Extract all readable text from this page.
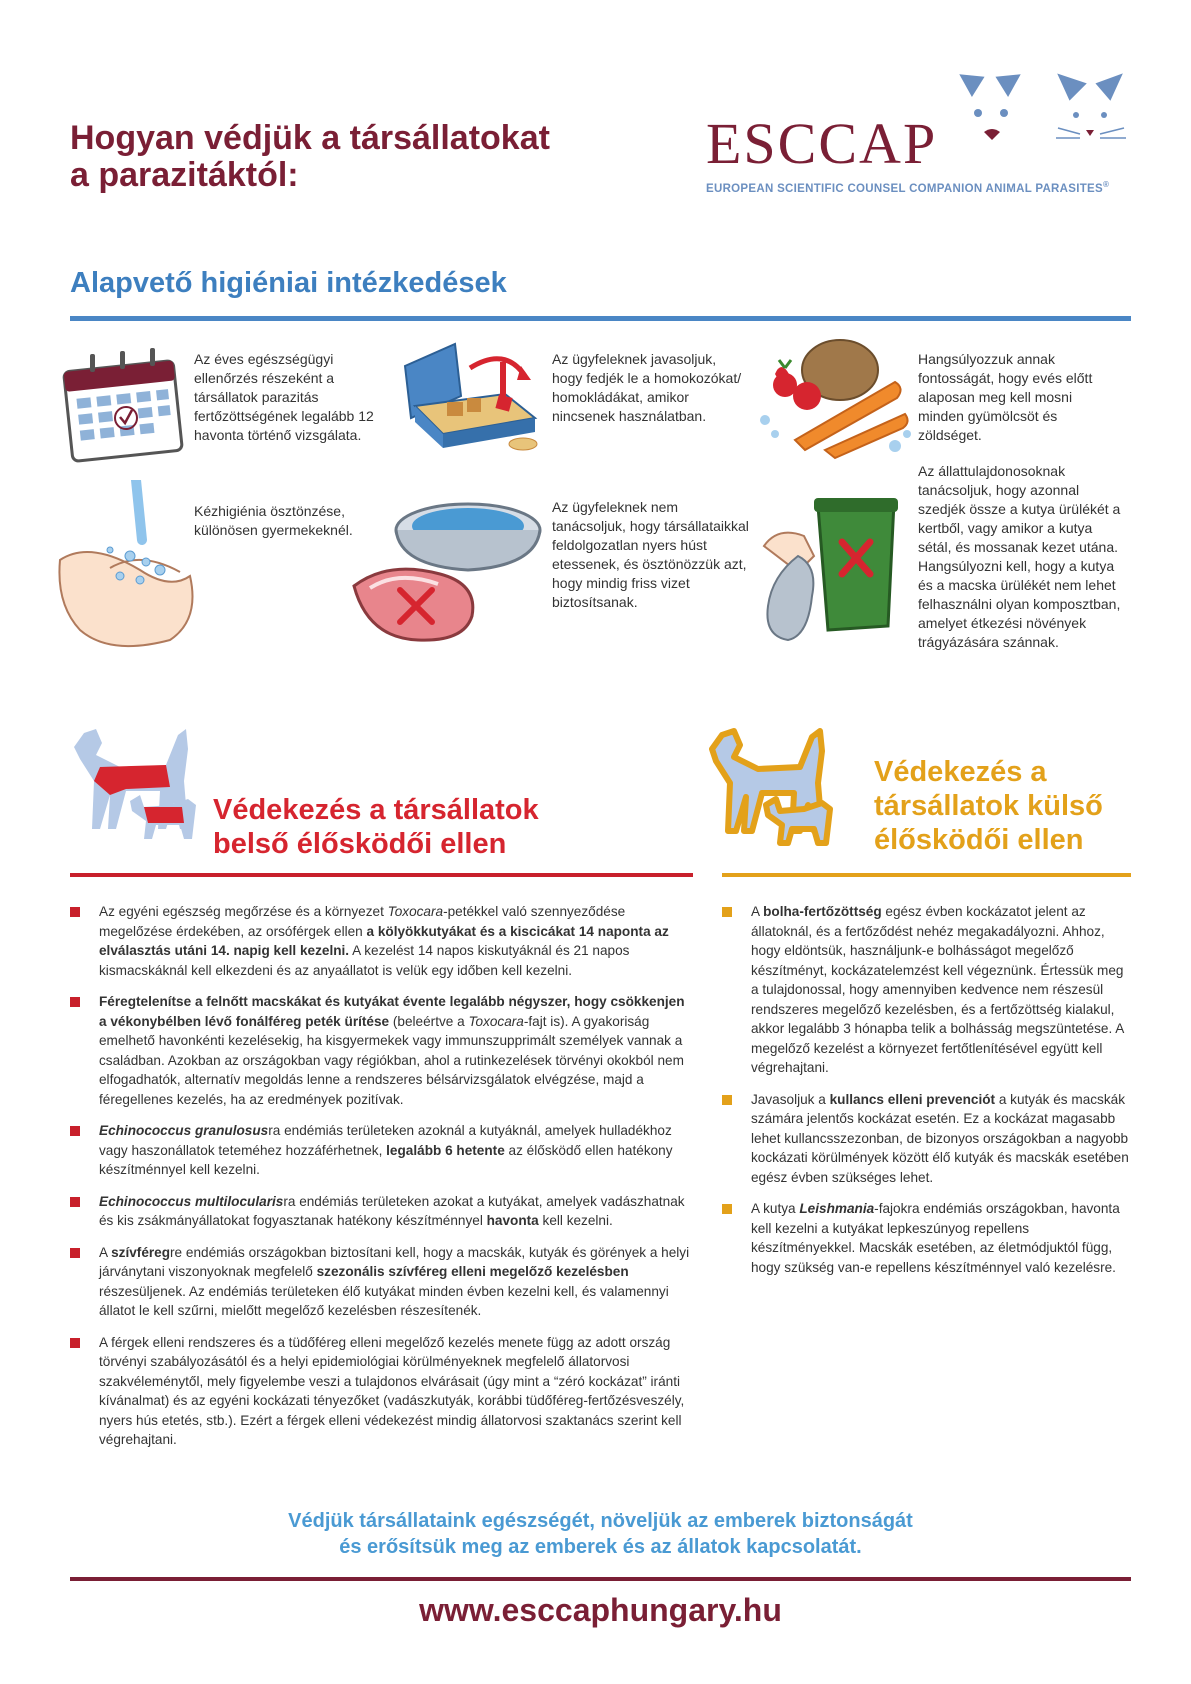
Hogyan védjük a társállatokat
a parazitáktól:	ESCCAP
EUROPEAN SCIENTIFIC COUNSEL COMPANION ANIMAL PARASITES®
Alapvető higiéniai intézkedések
Az éves egészségügyi ellenőrzés részeként a társállatok parazitás fertőzöttségének legalább 12 havonta történő vizsgálata.
Az ügyfeleknek javasoljuk, hogy fedjék le a homokozókat/ homokládákat, amikor nincsenek használatban.
Hangsúlyozzuk annak fontosságát, hogy evés előtt alaposan meg kell mosni minden gyümölcsöt és zöldséget.
Kézhigiénia ösztönzése, különösen gyermekeknél.
Az ügyfeleknek nem tanácsoljuk, hogy társállataikkal feldolgozatlan nyers húst etessenek, és ösztönözzük azt, hogy mindig friss vizet biztosítsanak.
Az állattulajdonosoknak tanácsoljuk, hogy azonnal szedjék össze a kutya ürülékét a kertből, vagy amikor a kutya sétál, és mossanak kezet utána. Hangsúlyozni kell, hogy a kutya és a macska ürülékét nem lehet felhasználni olyan komposztban, amelyet étkezési növények trágyázására szánnak.
Védekezés a társállatok
belső élősködői ellen
Az egyéni egészség megőrzése és a környezet Toxocara-petékkel való szennyeződése megelőzése érdekében, az orsóférgek ellen a kölyökkutyákat és a kiscicákat 14 naponta az elválasztás utáni 14. napig kell kezelni. A kezelést 14 napos kiskutyáknál és 21 napos kismacskáknál kell elkezdeni és az anyaállatot is velük egy időben kell kezelni.
Féregtelenítse a felnőtt macskákat és kutyákat évente legalább négyszer, hogy csökkenjen a vékonybélben lévő fonálféreg peték ürítése (beleértve a Toxocara-fajt is). A gyakoriság emelhető havonkénti kezelésekig, ha kisgyermekek vagy immunszupprimált személyek vannak a családban. Azokban az országokban vagy régiókban, ahol a rutinkezelések törvényi okokból nem elfogadhatók, alternatív megoldás lenne a rendszeres bélsárvizsgálatok elvégzése, majd a féregellenes kezelés, ha az eredmények pozitívak.
Echinococcus granulosusra endémiás területeken azoknál a kutyáknál, amelyek hulladékhoz vagy haszonállatok teteméhez hozzáférhetnek, legalább 6 hetente az élősködő ellen hatékony készítménnyel kell kezelni.
Echinococcus multilocularisra endémiás területeken azokat a kutyákat, amelyek vadászhatnak és kis zsákmányállatokat fogyasztanak hatékony készítménnyel havonta kell kezelni.
A szívféregre endémiás országokban biztosítani kell, hogy a macskák, kutyák és görények a helyi járványtani viszonyoknak megfelelő szezonális szívféreg elleni megelőző kezelésben részesüljenek. Az endémiás területeken élő kutyákat minden évben kezelni kell, és valamennyi állatot le kell szűrni, mielőtt megelőző kezelésben részesítenék.
A férgek elleni rendszeres és a tüdőféreg elleni megelőző kezelés menete függ az adott ország törvényi szabályozásától és a helyi epidemiológiai körülményeknek megfelelő állatorvosi szakvéleménytől, mely figyelembe veszi a tulajdonos elvárásait (úgy mint a “zéró kockázat” iránti kívánalmat) és az egyéni kockázati tényezőket (vadászkutyák, korábbi tüdőféreg-fertőzésveszély, nyers hús etetés, stb.). Ezért a férgek elleni védekezést mindig állatorvosi szaktanács szerint kell végrehajtani.
Védekezés a
társállatok külső
élősködői ellen
A bolha-fertőzöttség egész évben kockázatot jelent az állatoknál, és a fertőződést nehéz megakadályozni. Ahhoz, hogy eldöntsük, használjunk-e bolhásságot megelőző készítményt, kockázatelemzést kell végeznünk. Értessük meg a tulajdonossal, hogy amennyiben kedvence nem részesül rendszeres megelőző kezelésben, és a fertőzöttség kialakul, akkor legalább 3 hónapba telik a bolhásság megszüntetése. A megelőző kezelést a környezet fertőtlenítésével együtt kell végrehajtani.
Javasoljuk a kullancs elleni prevenciót a kutyák és macskák számára jelentős kockázat esetén. Ez a kockázat magasabb lehet kullancsszezonban, de bizonyos országokban a nagyobb kockázati körülmények között élő kutyák és macskák esetében egész évben szükséges lehet.
A kutya Leishmania-fajokra endémiás országokban, havonta kell kezelni a kutyákat lepkeszúnyog repellens készítményekkel. Macskák esetében, az életmódjuktól függ, hogy szükség van-e repellens készítménnyel való kezelésre.
Védjük társállataink egészségét, növeljük az emberek biztonságát
és erősítsük meg az emberek és az állatok kapcsolatát.
www.esccaphungary.hu
